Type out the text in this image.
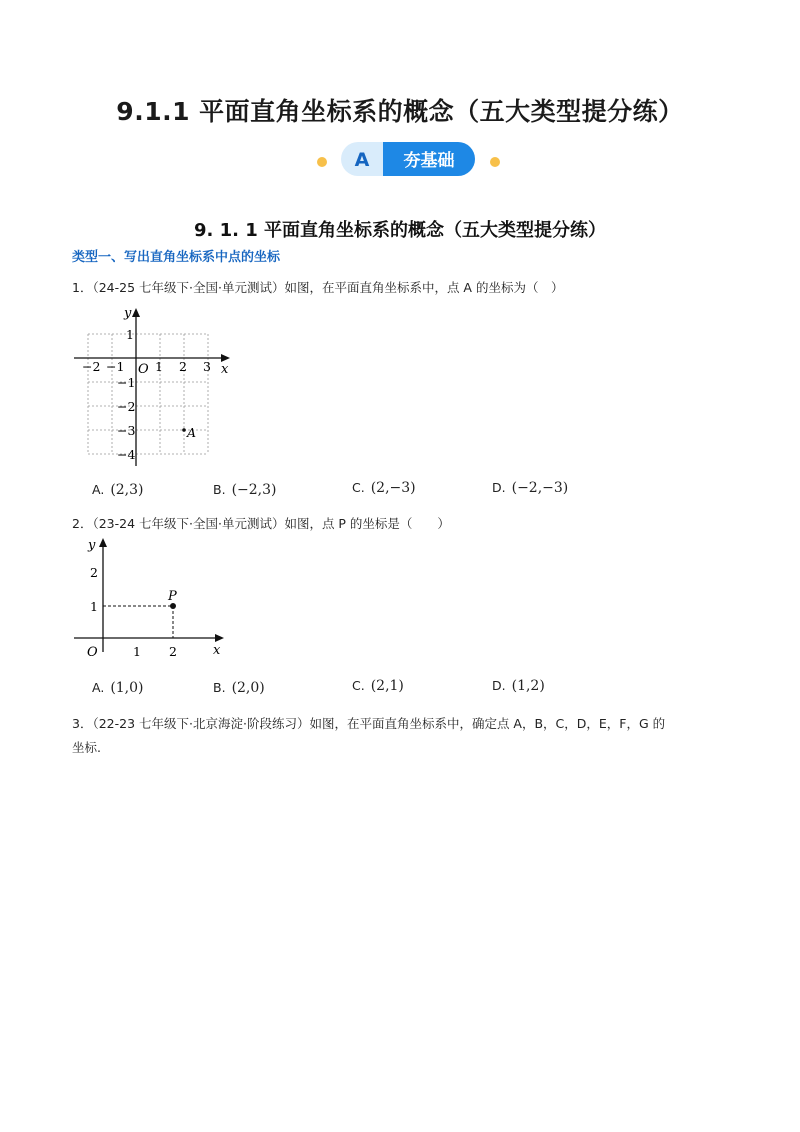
9.1.1 平面直角坐标系的概念（五大类型提分练）
A 夯基础
9. 1. 1 平面直角坐标系的概念（五大类型提分练）
类型一、写出直角坐标系中点的坐标
1．（24-25 七年级下·全国·单元测试）如图，在平面直角坐标系中，点 A 的坐标为（　）
y
x
O
−2 −1 1 2 3
1
−1
−2
−3
−4
A
A. (2,3)	B. (−2,3)	C. (2,−3)	D. (−2,−3)
2．（23-24 七年级下·全国·单元测试）如图，点 P 的坐标是（　　）
P
y
x
O	1 2
1
2
A. (1,0)	B. (2,0)	C. (2,1)	D. (1,2)
3．（22-23 七年级下·北京海淀·阶段练习）如图，在平面直角坐标系中，确定点 A，B，C，D，E，F，G 的
坐标.
